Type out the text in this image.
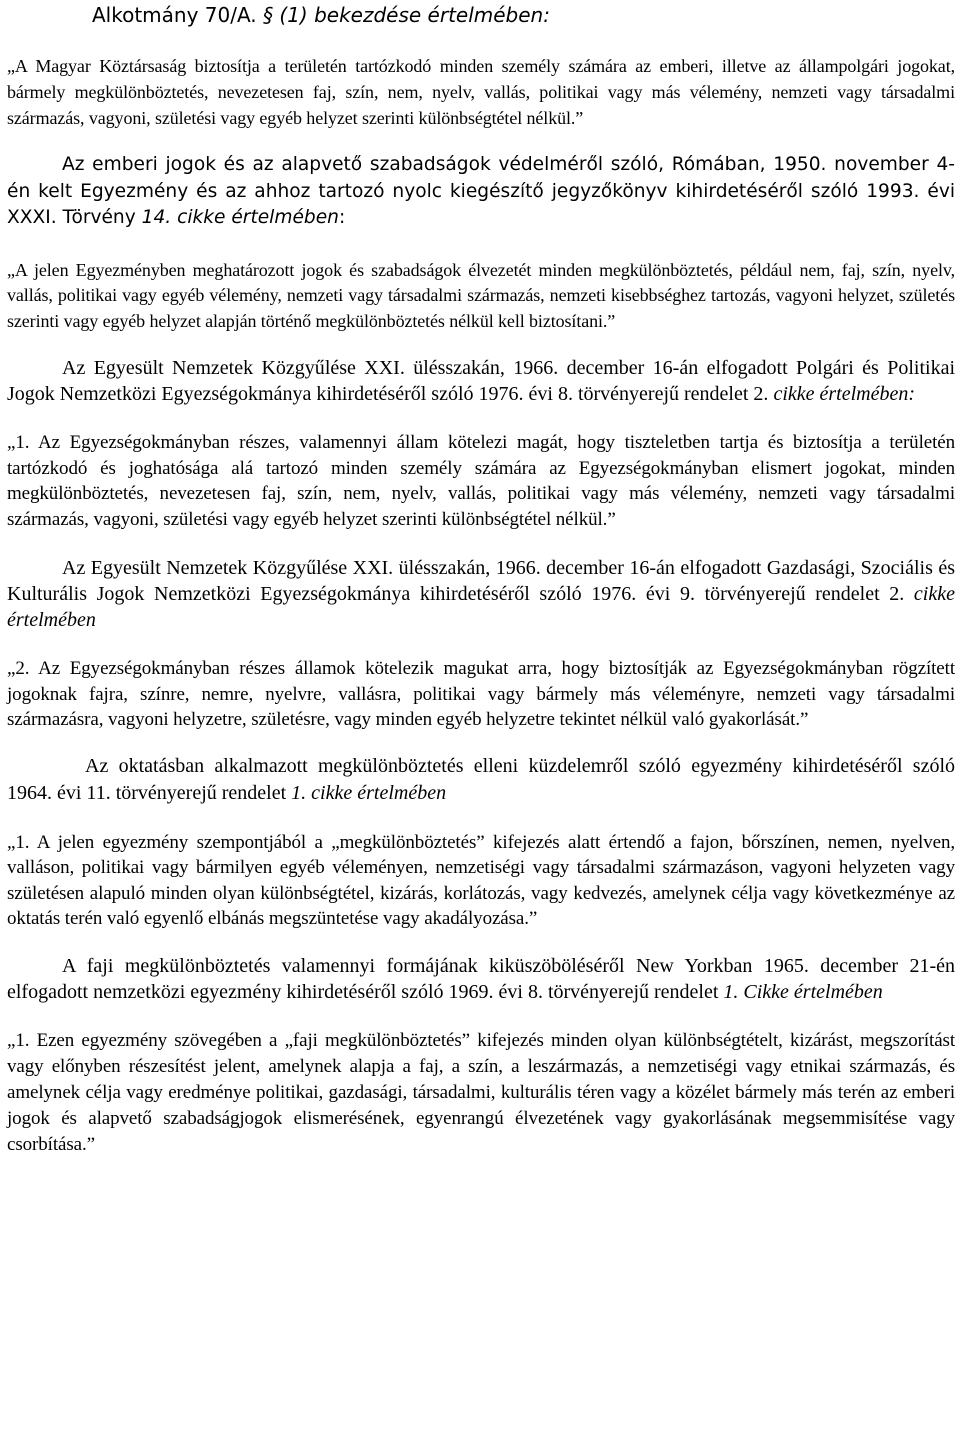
Alkotmány 70/A. § (1) bekezdése értelmében:

„A Magyar Köztársaság biztosítja a területén tartózkodó minden személy számára az emberi, illetve az állampolgári jogokat, bármely megkülönböztetés, nevezetesen faj, szín, nem, nyelv, vallás, politikai vagy más vélemény, nemzeti vagy társadalmi származás, vagyoni, születési vagy egyéb helyzet szerinti különbségtétel nélkül.”

Az emberi jogok és az alapvető szabadságok védelméről szóló, Rómában, 1950. november 4-én kelt Egyezmény és az ahhoz tartozó nyolc kiegészítő jegyzőkönyv kihirdetéséről szóló 1993. évi XXXI. Törvény 14. cikke értelmében:

„A jelen Egyezményben meghatározott jogok és szabadságok élvezetét minden megkülönböztetés, például nem, faj, szín, nyelv, vallás, politikai vagy egyéb vélemény, nemzeti vagy társadalmi származás, nemzeti kisebbséghez tartozás, vagyoni helyzet, születés szerinti vagy egyéb helyzet alapján történő megkülönböztetés nélkül kell biztosítani.”

Az Egyesült Nemzetek Közgyűlése XXI. ülésszakán, 1966. december 16-án elfogadott Polgári és Politikai Jogok Nemzetközi Egyezségokmánya kihirdetéséről szóló 1976. évi 8. törvényerejű rendelet 2. cikke értelmében:

„1. Az Egyezségokmányban részes, valamennyi állam kötelezi magát, hogy tiszteletben tartja és biztosítja a területén tartózkodó és joghatósága alá tartozó minden személy számára az Egyezségokmányban elismert jogokat, minden megkülönböztetés, nevezetesen faj, szín, nem, nyelv, vallás, politikai vagy más vélemény, nemzeti vagy társadalmi származás, vagyoni, születési vagy egyéb helyzet szerinti különbségtétel nélkül.”

Az Egyesült Nemzetek Közgyűlése XXI. ülésszakán, 1966. december 16-án elfogadott Gazdasági, Szociális és Kulturális Jogok Nemzetközi Egyezségokmánya kihirdetéséről szóló 1976. évi 9. törvényerejű rendelet 2. cikke értelmében

„2. Az Egyezségokmányban részes államok kötelezik magukat arra, hogy biztosítják az Egyezségokmányban rögzített jogoknak fajra, színre, nemre, nyelvre, vallásra, politikai vagy bármely más véleményre, nemzeti vagy társadalmi származásra, vagyoni helyzetre, születésre, vagy minden egyéb helyzetre tekintet nélkül való gyakorlását.”

Az oktatásban alkalmazott megkülönböztetés elleni küzdelemről szóló egyezmény kihirdetéséről szóló 1964. évi 11. törvényerejű rendelet 1. cikke értelmében

„1. A jelen egyezmény szempontjából a „megkülönböztetés” kifejezés alatt értendő a fajon, bőrszínen, nemen, nyelven, valláson, politikai vagy bármilyen egyéb véleményen, nemzetiségi vagy társadalmi származáson, vagyoni helyzeten vagy születésen alapuló minden olyan különbségtétel, kizárás, korlátozás, vagy kedvezés, amelynek célja vagy következménye az oktatás terén való egyenlő elbánás megszüntetése vagy akadályozása.”

A faji megkülönböztetés valamennyi formájának kiküszöböléséről New Yorkban 1965. december 21-én elfogadott nemzetközi egyezmény kihirdetéséről szóló 1969. évi 8. törvényerejű rendelet 1. Cikke értelmében

„1. Ezen egyezmény szövegében a „faji megkülönböztetés” kifejezés minden olyan különbségtételt, kizárást, megszorítást vagy előnyben részesítést jelent, amelynek alapja a faj, a szín, a leszármazás, a nemzetiségi vagy etnikai származás, és amelynek célja vagy eredménye politikai, gazdasági, társadalmi, kulturális téren vagy a közélet bármely más terén az emberi jogok és alapvető szabadságjogok elismerésének, egyenrangú élvezetének vagy gyakorlásának megsemmisítése vagy csorbítása.”
